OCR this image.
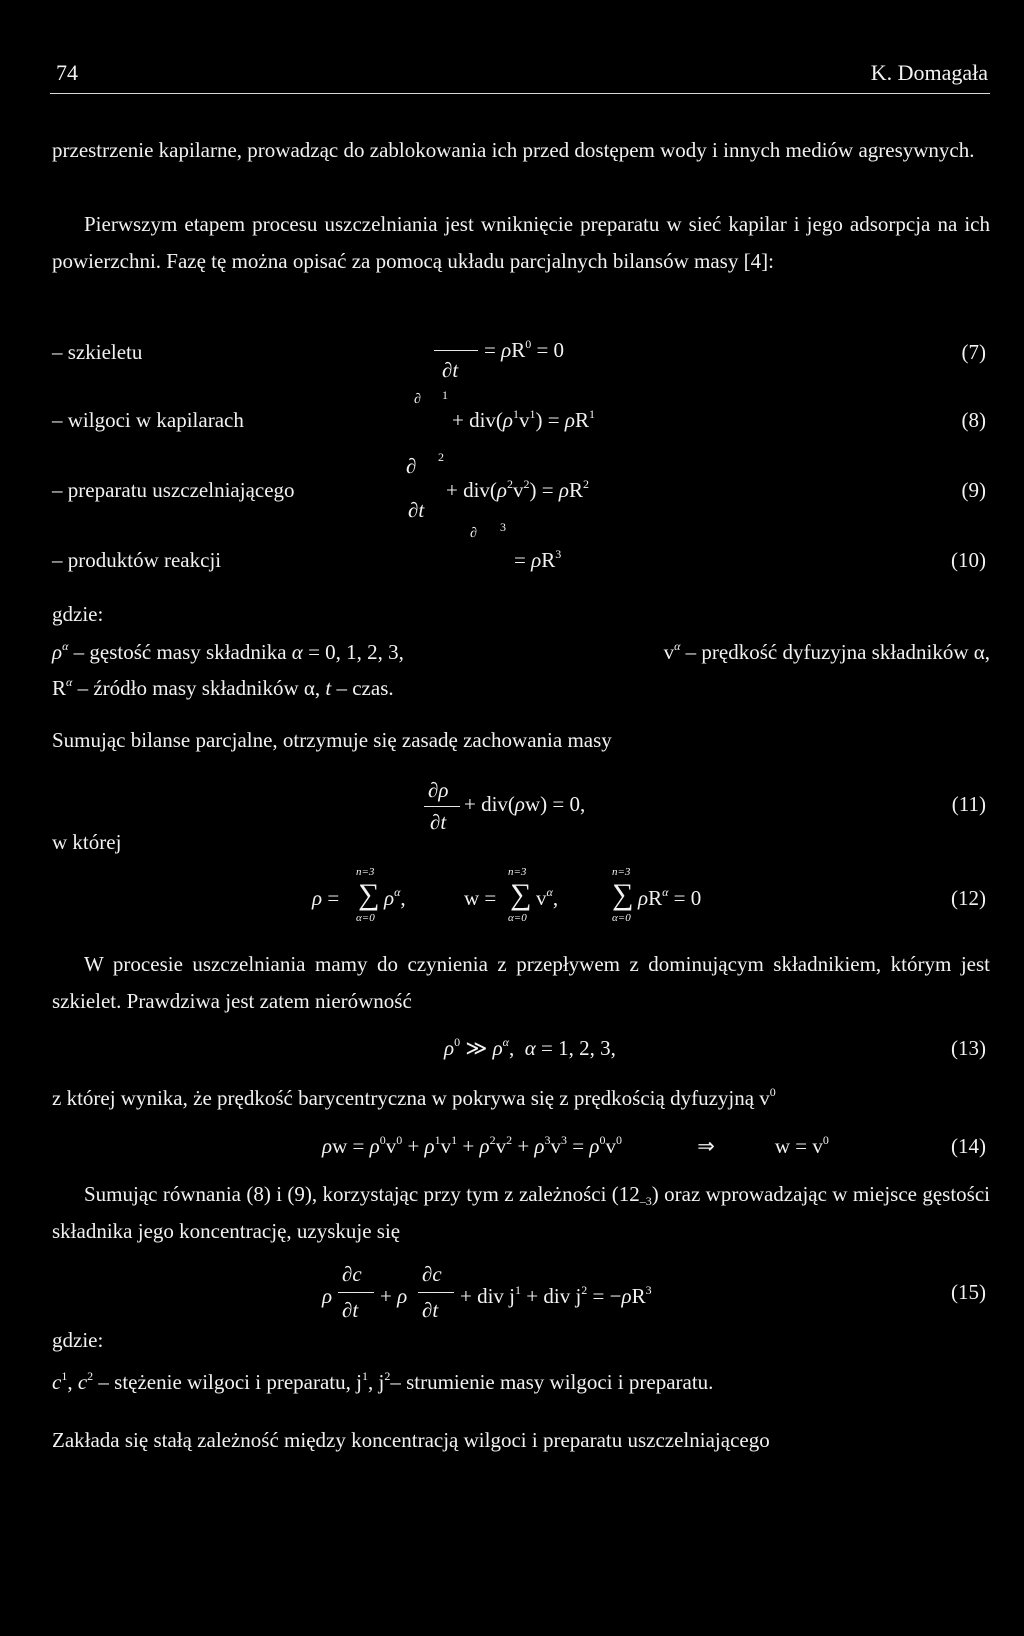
74	K. Domagała
przestrzenie kapilarne, prowadząc do zablokowania ich przed dostępem wody i innych mediów agresywnych.
Pierwszym etapem procesu uszczelniania jest wniknięcie preparatu w sieć kapilar i jego adsorpcja na ich powierzchni. Fazę tę można opisać za pomocą układu parcjalnych bilansów masy [4]:
– szkieletu
∂t
= $\rho R^0 = 0$	(7)
– wilgoci w kapilarach
∂ 1
+ $div(\rho^1v^1) = \rho R^1$	(8)
– preparatu uszczelniającego
∂ 2
∂t
+ $div(\rho^2v^2) = \rho R^2$	(9)
– produktów reakcji
∂ 3
= $\rho R^3$	(10)
gdzie:
$\rho^\alpha$ – gęstość masy składnika α = 0, 1, 2, 3,	$v^\alpha$ – prędkość dyfuzyjna składników α,
$R^\alpha$ – źródło masy składników α, t – czas.
Sumując bilanse parcjalne, otrzymuje się zasadę zachowania masy
∂ρ
∂t
+ div(ρw) = 0,	(11)
w której
ρ =
n=3
∑
α=0
$\rho^\alpha$,	w =
n=3
∑
α=0
$v^\alpha$,
n=3
∑
α=0
$\rho R^\alpha = 0$	(12)
W procesie uszczelniania mamy do czynienia z przepływem z dominującym składnikiem, którym jest szkielet. Prawdziwa jest zatem nierówność
$\rho^0$ ≫ $\rho^\alpha$,  α = 1, 2, 3,	(13)
z której wynika, że prędkość barycentryczna w pokrywa się z prędkością dyfuzyjną $v^0$
$\rho w = \rho^0v^0 + \rho^1v^1 + \rho^2v^2 + \rho^3v^3 = \rho^0v^0$	⇒	$w = v^0$	(14)
Sumując równania (8) i (9), korzystając przy tym z zależności $(12_{-3})$ oraz wprowadzając w miejsce gęstości składnika jego koncentrację, uzyskuje się
ρ
∂c
∂t
+ ρ
∂c
∂t
+ div $j^1$ + div $j^2 = -\rho R^3$	(15)
gdzie:
$c^1$, $c^2$ – stężenie wilgoci i preparatu, $j^1$, $j^2-$ strumienie masy wilgoci i preparatu.
Zakłada się stałą zależność między koncentracją wilgoci i preparatu uszczelniającego
